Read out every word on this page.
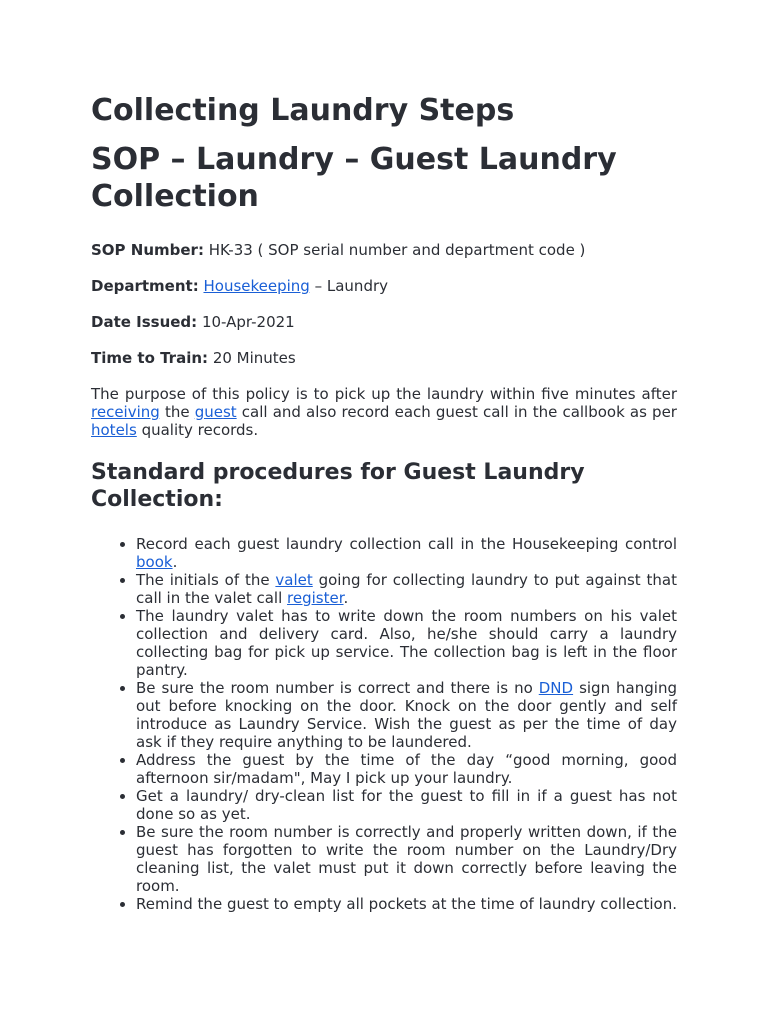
Collecting Laundry Steps
SOP – Laundry – Guest Laundry Collection

SOP Number: HK-33 ( SOP serial number and department code )

Department: Housekeeping – Laundry

Date Issued: 10-Apr-2021

Time to Train: 20 Minutes

The purpose of this policy is to pick up the laundry within five minutes after receiving the guest call and also record each guest call in the callbook as per hotels quality records.

Standard procedures for Guest Laundry Collection:
• Record each guest laundry collection call in the Housekeeping control book.
• The initials of the valet going for collecting laundry to put against that call in the valet call register.
• The laundry valet has to write down the room numbers on his valet collection and delivery card. Also, he/she should carry a laundry collecting bag for pick up service. The collection bag is left in the floor pantry.
• Be sure the room number is correct and there is no DND sign hanging out before knocking on the door. Knock on the door gently and self introduce as Laundry Service. Wish the guest as per the time of day ask if they require anything to be laundered.
• Address the guest by the time of the day “good morning, good afternoon sir/madam", May I pick up your laundry.
• Get a laundry/ dry-clean list for the guest to fill in if a guest has not done so as yet.
• Be sure the room number is correctly and properly written down, if the guest has forgotten to write the room number on the Laundry/Dry cleaning list, the valet must put it down correctly before leaving the room.
• Remind the guest to empty all pockets at the time of laundry collection.
